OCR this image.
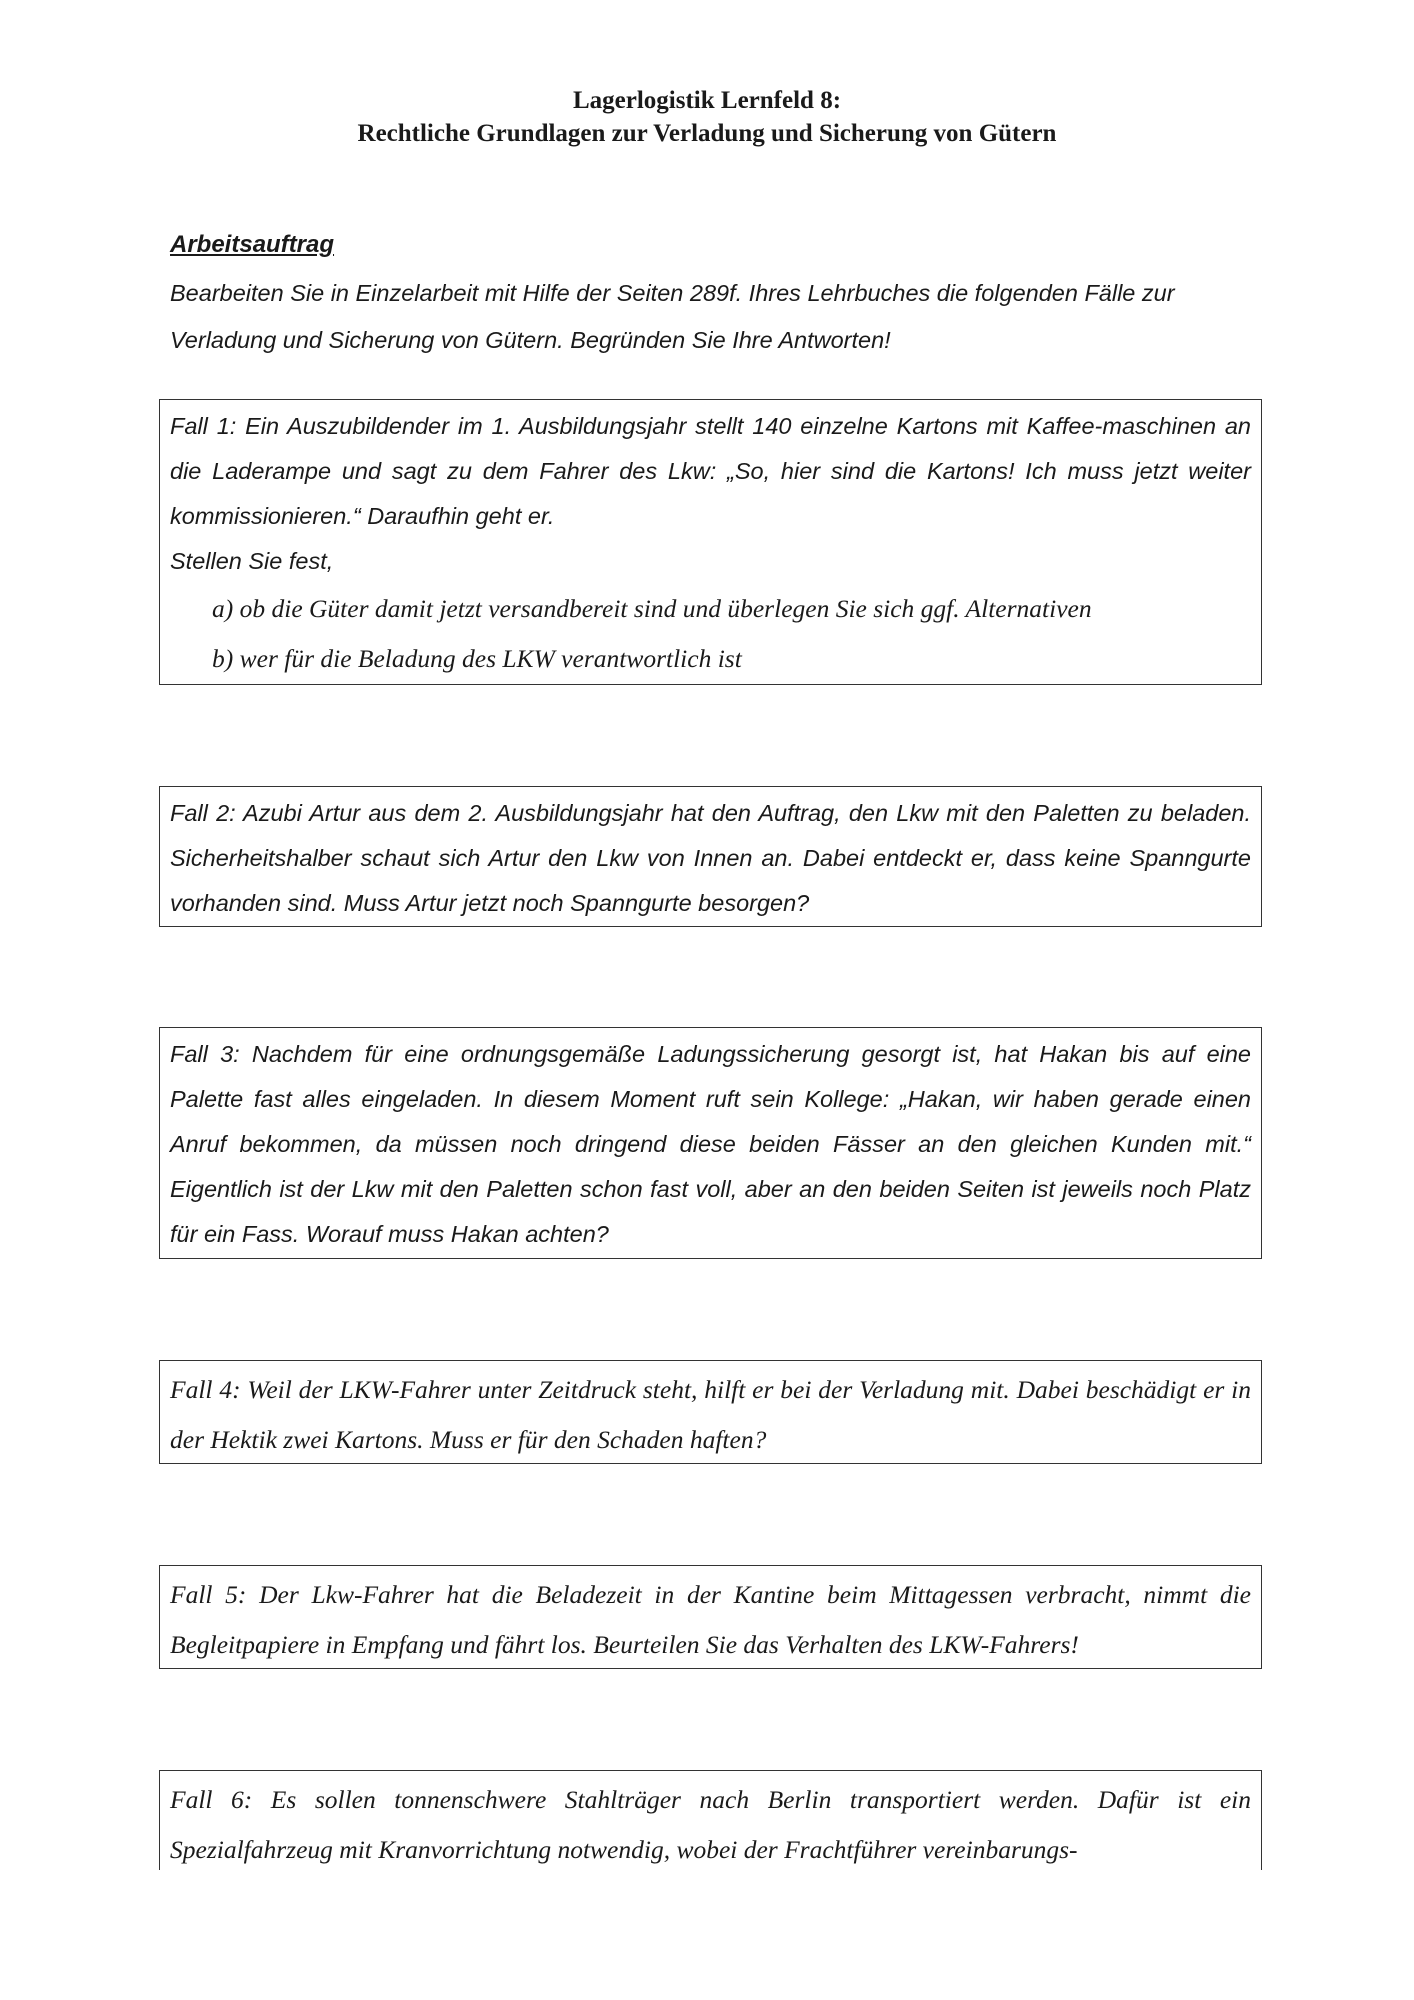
Lagerlogistik Lernfeld 8:
Rechtliche Grundlagen zur Verladung und Sicherung von Gütern
Arbeitsauftrag
Bearbeiten Sie in Einzelarbeit mit Hilfe der Seiten 289f. Ihres Lehrbuches die folgenden Fälle zur Verladung und Sicherung von Gütern. Begründen Sie Ihre Antworten!

Fall 1: Ein Auszubildender im 1. Ausbildungsjahr stellt 140 einzelne Kartons mit Kaffee-maschinen an die Laderampe und sagt zu dem Fahrer des Lkw: „So, hier sind die Kartons! Ich muss jetzt weiter kommissionieren.“ Daraufhin geht er.

Stellen Sie fest,

a) ob die Güter damit jetzt versandbereit sind und überlegen Sie sich ggf. Alternativen

b) wer für die Beladung des LKW verantwortlich ist

Fall 2: Azubi Artur aus dem 2. Ausbildungsjahr hat den Auftrag, den Lkw mit den Paletten zu beladen. Sicherheitshalber schaut sich Artur den Lkw von Innen an. Dabei entdeckt er, dass keine Spanngurte vorhanden sind. Muss Artur jetzt noch Spanngurte besorgen?

Fall 3: Nachdem für eine ordnungsgemäße Ladungssicherung gesorgt ist, hat Hakan bis auf eine Palette fast alles eingeladen. In diesem Moment ruft sein Kollege: „Hakan, wir haben gerade einen Anruf bekommen, da müssen noch dringend diese beiden Fässer an den gleichen Kunden mit.“ Eigentlich ist der Lkw mit den Paletten schon fast voll, aber an den beiden Seiten ist jeweils noch Platz für ein Fass. Worauf muss Hakan achten?

Fall 4: Weil der LKW-Fahrer unter Zeitdruck steht, hilft er bei der Verladung mit. Dabei beschädigt er in der Hektik zwei Kartons. Muss er für den Schaden haften?

Fall 5: Der Lkw-Fahrer hat die Beladezeit in der Kantine beim Mittagessen verbracht, nimmt die Begleitpapiere in Empfang und fährt los. Beurteilen Sie das Verhalten des LKW-Fahrers!

Fall 6: Es sollen tonnenschwere Stahlträger nach Berlin transportiert werden. Dafür ist ein Spezialfahrzeug mit Kranvorrichtung notwendig, wobei der Frachtführer vereinbarungs-
